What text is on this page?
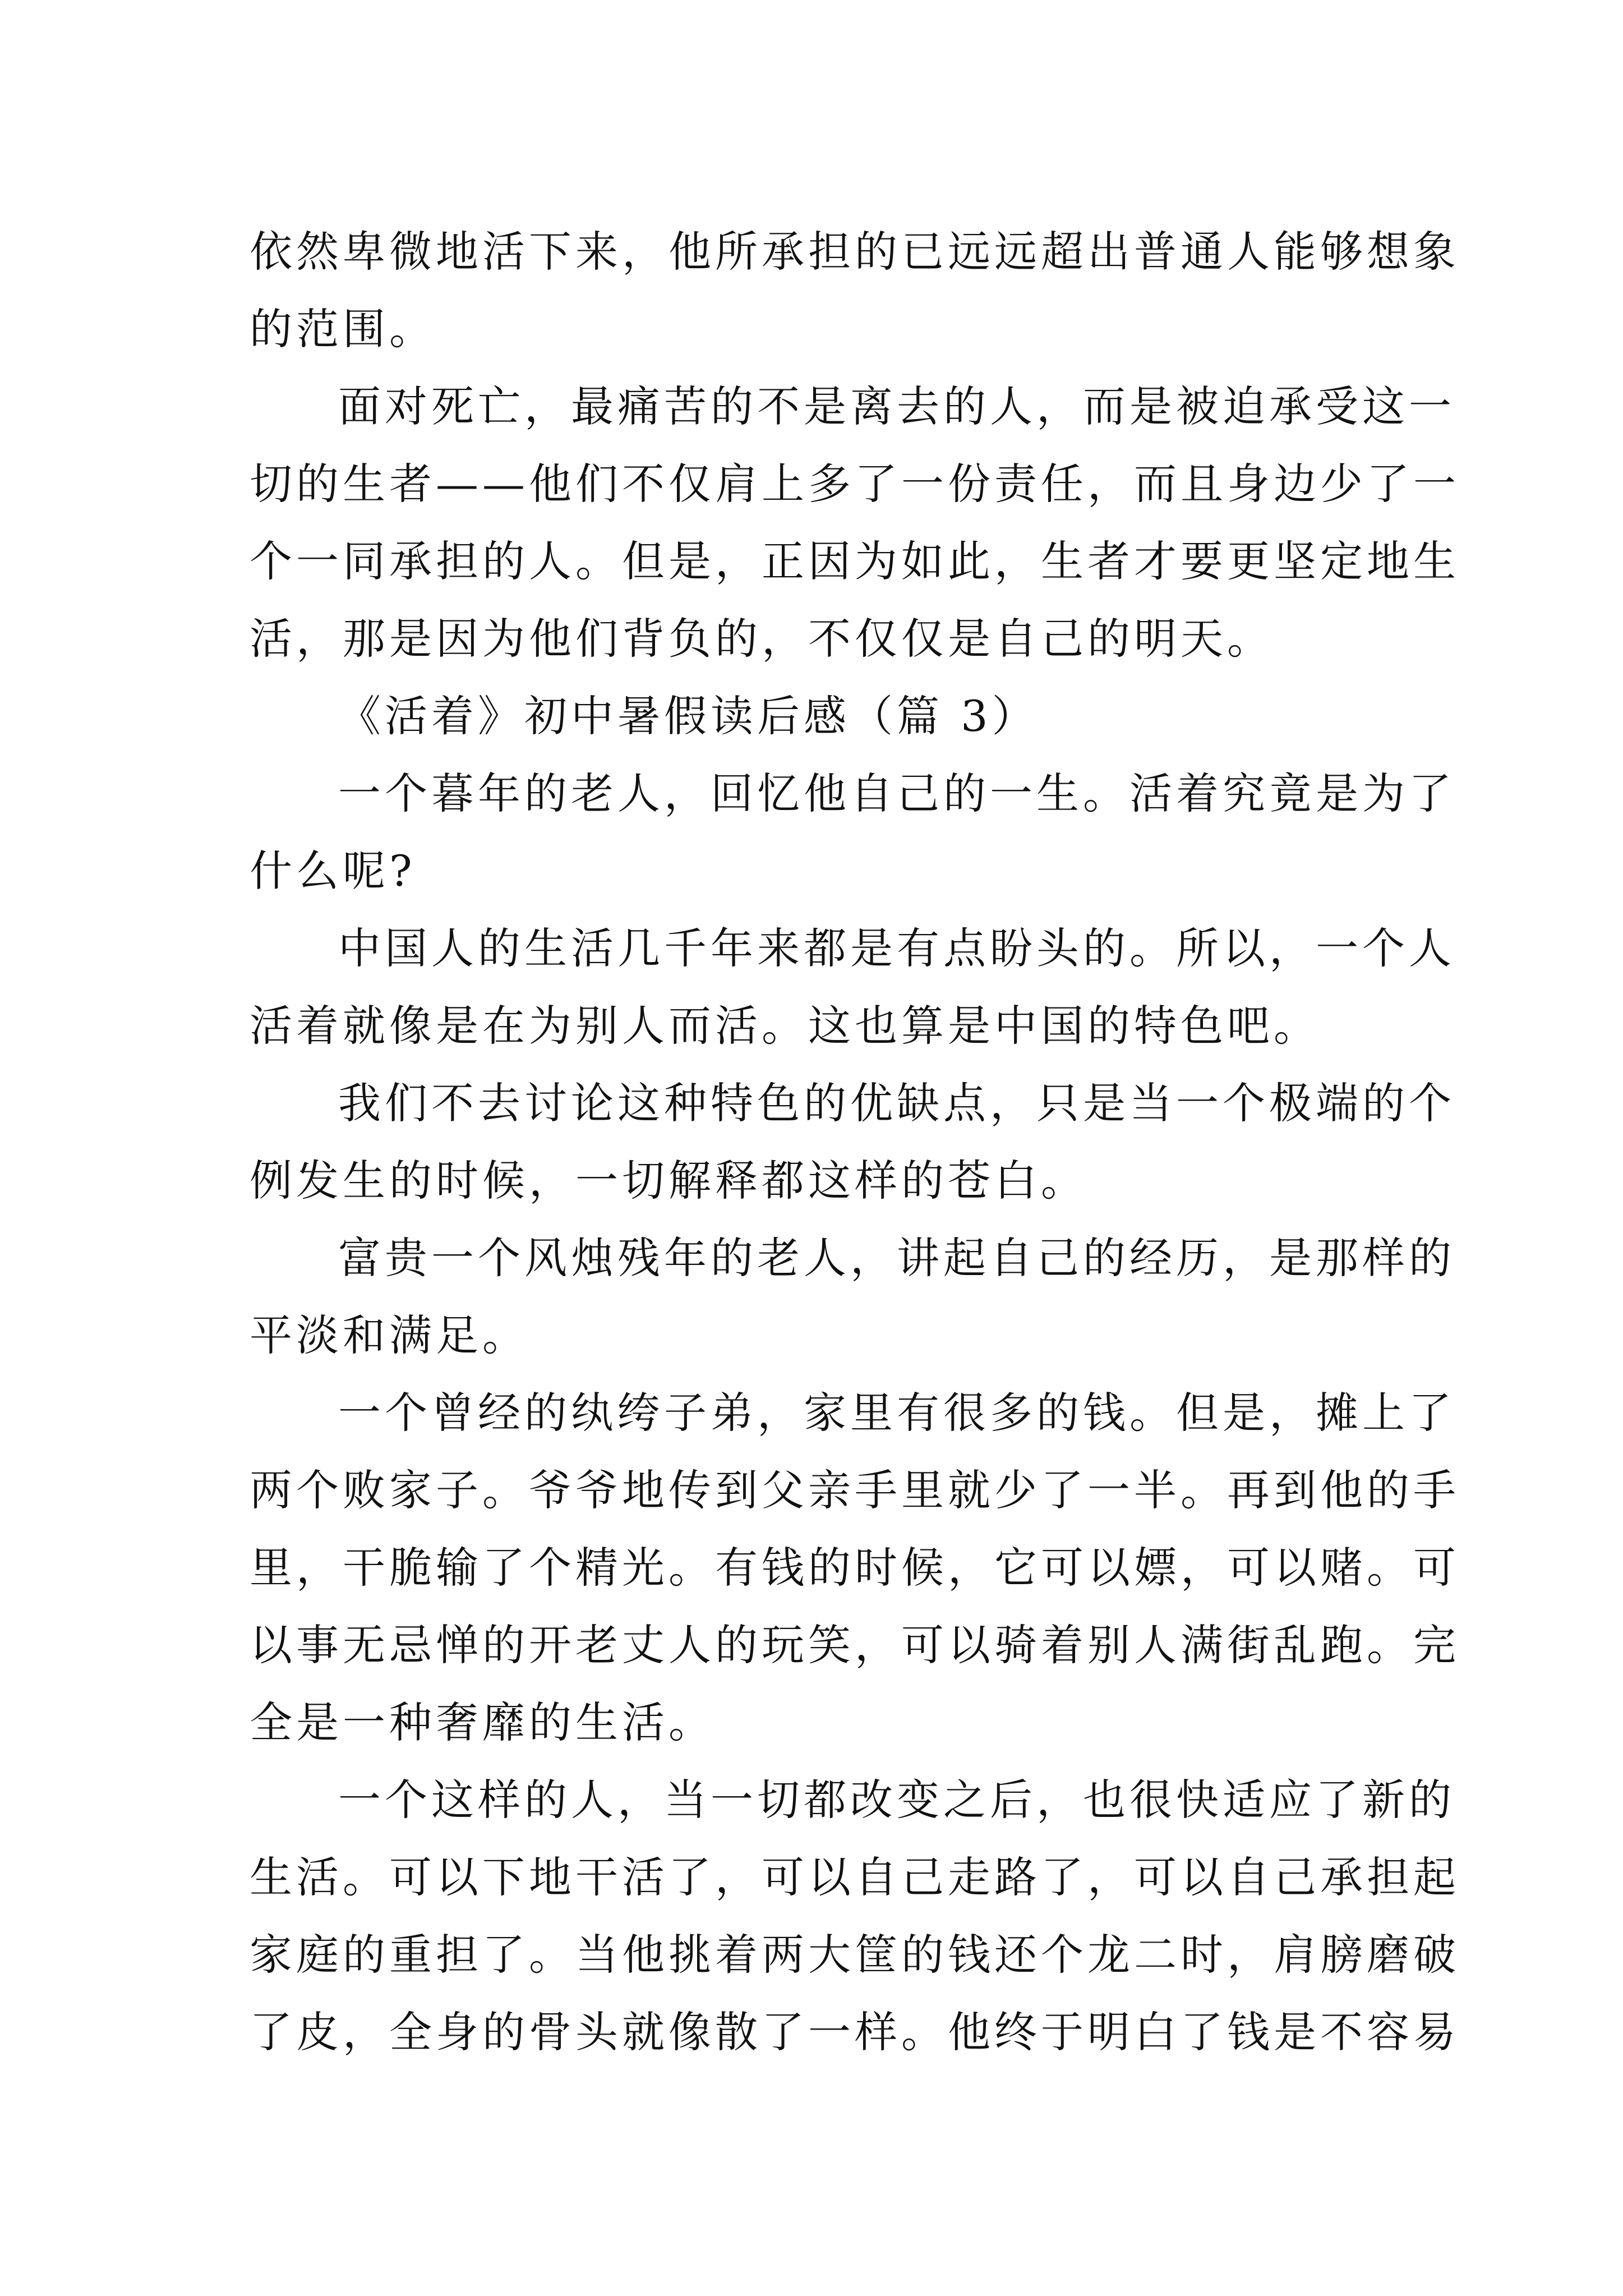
依然卑微地活下来，他所承担的已远远超出普通人能够想象
的范围。
面对死亡，最痛苦的不是离去的人，而是被迫承受这一
切的生者——他们不仅肩上多了一份责任，而且身边少了一
个一同承担的人。但是，正因为如此，生者才要更坚定地生
活，那是因为他们背负的，不仅仅是自己的明天。
《活着》初中暑假读后感（篇 3）
一个暮年的老人，回忆他自己的一生。活着究竟是为了
什么呢?
中国人的生活几千年来都是有点盼头的。所以，一个人
活着就像是在为别人而活。这也算是中国的特色吧。
我们不去讨论这种特色的优缺点，只是当一个极端的个
例发生的时候，一切解释都这样的苍白。
富贵一个风烛残年的老人，讲起自己的经历，是那样的
平淡和满足。
一个曾经的纨绔子弟，家里有很多的钱。但是，摊上了
两个败家子。爷爷地传到父亲手里就少了一半。再到他的手
里，干脆输了个精光。有钱的时候，它可以嫖，可以赌。可
以事无忌惮的开老丈人的玩笑，可以骑着别人满街乱跑。完
全是一种奢靡的生活。
一个这样的人，当一切都改变之后，也很快适应了新的
生活。可以下地干活了，可以自己走路了，可以自己承担起
家庭的重担了。当他挑着两大筐的钱还个龙二时，肩膀磨破
了皮，全身的骨头就像散了一样。他终于明白了钱是不容易
